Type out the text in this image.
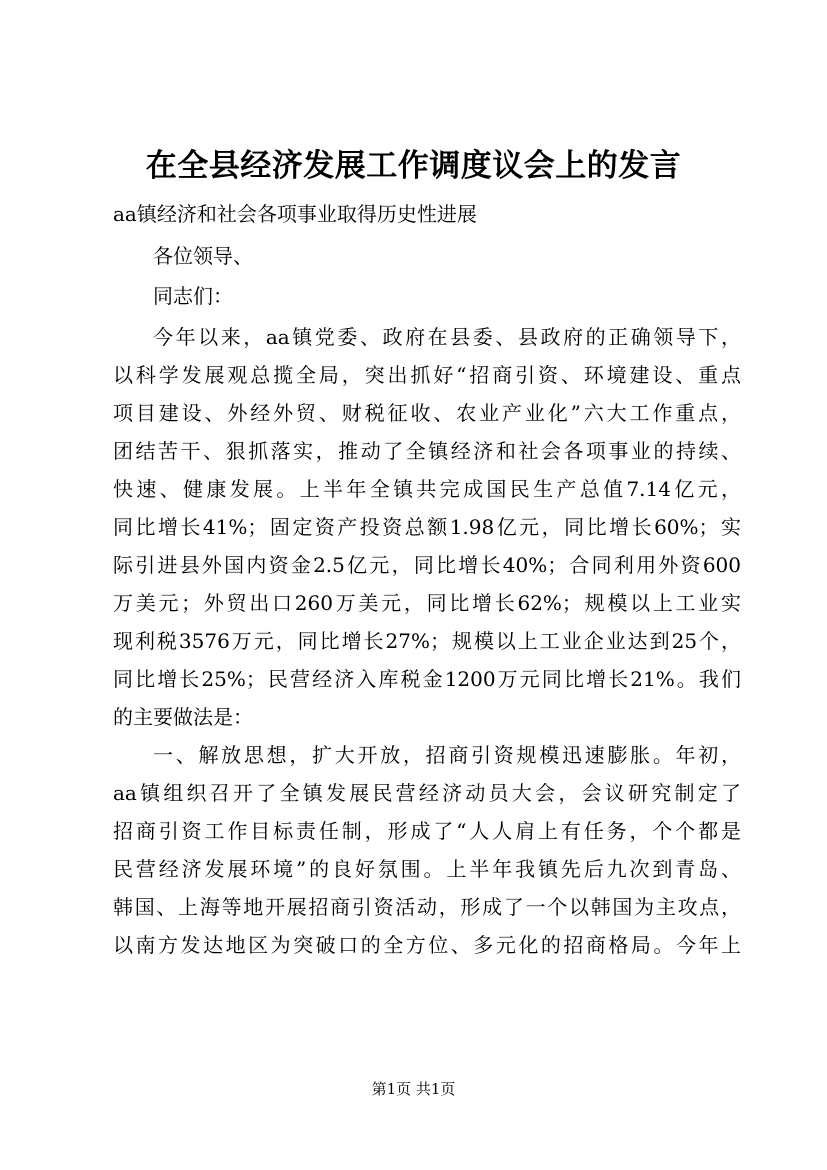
在全县经济发展工作调度议会上的发言
aa镇经济和社会各项事业取得历史性进展
各位领导、
同志们：
今年以来，aa镇党委、政府在县委、县政府的正确领导下，
以科学发展观总揽全局，突出抓好“招商引资、环境建设、重点
项目建设、外经外贸、财税征收、农业产业化”六大工作重点，
团结苦干、狠抓落实，推动了全镇经济和社会各项事业的持续、
快速、健康发展。上半年全镇共完成国民生产总值7.14亿元，
同比增长41%；固定资产投资总额1.98亿元，同比增长60%；实
际引进县外国内资金2.5亿元，同比增长40%；合同利用外资600
万美元；外贸出口260万美元，同比增长62%；规模以上工业实
现利税3576万元，同比增长27%；规模以上工业企业达到25个，
同比增长25%；民营经济入库税金1200万元同比增长21%。我们
的主要做法是：
一、解放思想，扩大开放，招商引资规模迅速膨胀。年初，
aa镇组织召开了全镇发展民营经济动员大会，会议研究制定了
招商引资工作目标责任制，形成了“人人肩上有任务，个个都是
民营经济发展环境”的良好氛围。上半年我镇先后九次到青岛、
韩国、上海等地开展招商引资活动，形成了一个以韩国为主攻点，
以南方发达地区为突破口的全方位、多元化的招商格局。今年上
第1页 共1页
